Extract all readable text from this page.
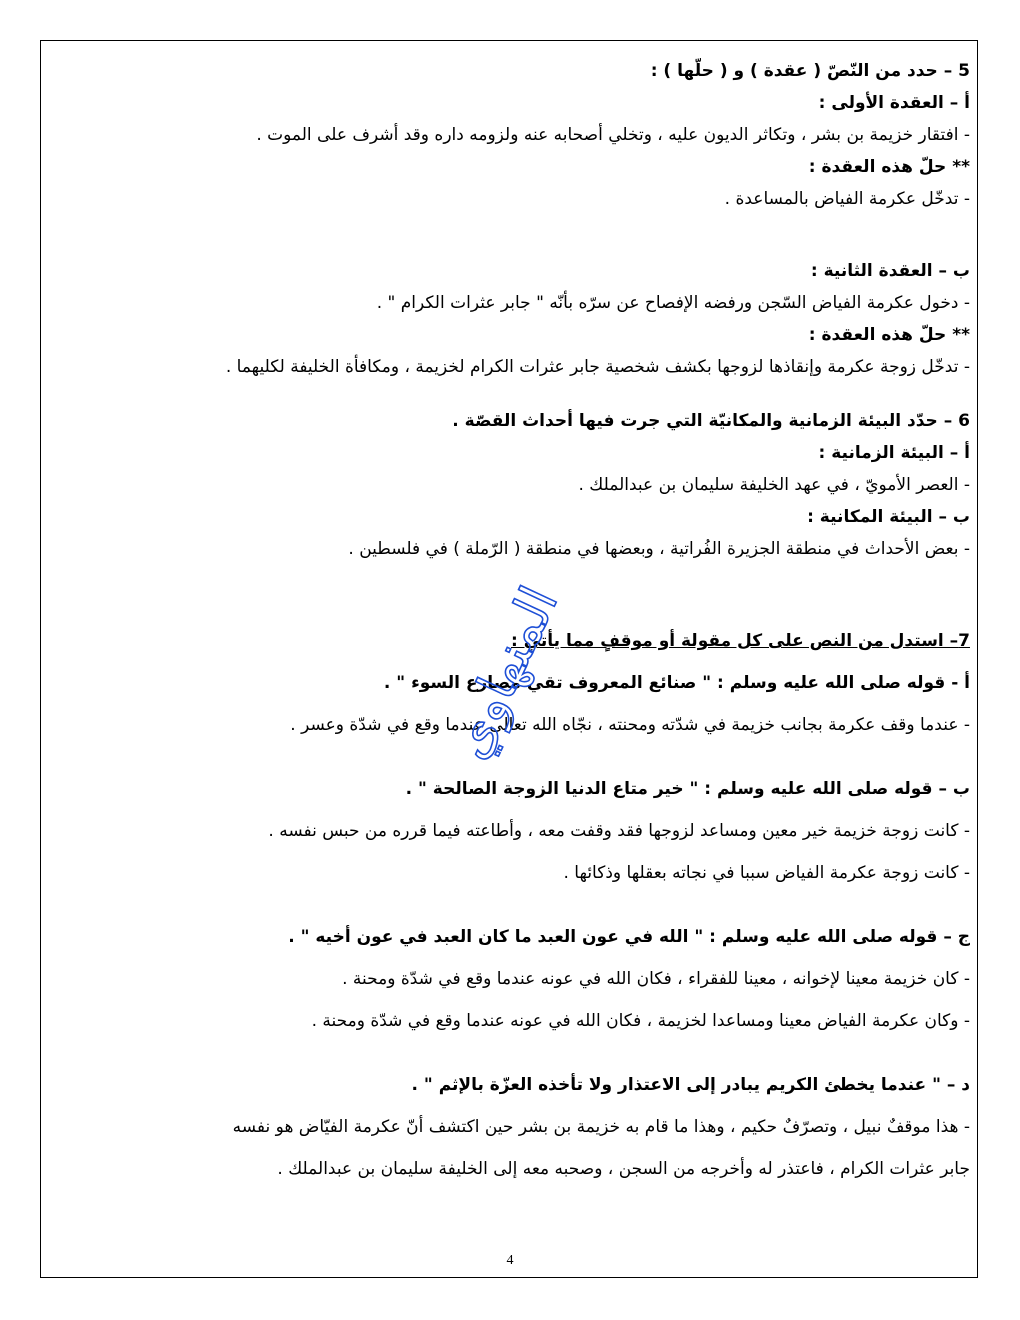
5 – حدد من النّصّ ( عقدة ) و ( حلّها ) :
أ – العقدة الأولى :
- افتقار خزيمة بن بشر ، وتكاثر الديون عليه ، وتخلي أصحابه عنه ولزومه داره وقد أشرف على الموت .
** حلّ هذه العقدة :
- تدخّل عكرمة الفياض بالمساعدة .
ب – العقدة الثانية :
- دخول عكرمة الفياض السّجن ورفضه الإفصاح عن سرّه بأنّه " جابر عثرات الكرام " .
** حلّ هذه العقدة :
- تدخّل زوجة عكرمة وإنقاذها لزوجها بكشف شخصية جابر عثرات الكرام لخزيمة ، ومكافأة الخليفة لكليهما .
6 – حدّد البيئة الزمانية والمكانيّة التي جرت فيها أحداث القصّة .
أ – البيئة الزمانية :
- العصر الأمويّ ، في عهد الخليفة سليمان بن عبدالملك .
ب – البيئة المكانية :
- بعض الأحداث في منطقة الجزيرة الفُراتية ، وبعضها في منطقة ( الرّملة ) في فلسطين .
7– استدل من النص على كل مقولة أو موقفٍ مما يأتي :
أ - قوله صلى الله عليه وسلم : " صنائع المعروف تقي مصارع السوء " .
- عندما وقف عكرمة بجانب خزيمة في شدّته ومحنته ، نجّاه الله تعالى عندما وقع في شدّة وعسر .
ب – قوله صلى الله عليه وسلم : " خير متاع الدنيا الزوجة الصالحة " .
- كانت زوجة خزيمة خير معين ومساعد لزوجها فقد وقفت معه ، وأطاعته فيما قرره من حبس نفسه .
- كانت زوجة عكرمة الفياض سببا في نجاته بعقلها وذكائها .
ج – قوله صلى الله عليه وسلم : " الله في عون العبد ما كان العبد في عون أخيه " .
- كان خزيمة معينا لإخوانه ، معينا للفقراء ، فكان الله في عونه عندما وقع في شدّة ومحنة .
- وكان عكرمة الفياض معينا ومساعدا لخزيمة ، فكان الله في عونه عندما وقع في شدّة ومحنة .
د – " عندما يخطئ الكريم يبادر إلى الاعتذار ولا تأخذه العزّة بالإثم " .
- هذا موقفٌ نبيل ، وتصرّفٌ حكيم ، وهذا ما قام به خزيمة بن بشر حين اكتشف أنّ عكرمة الفيّاض هو نفسه
جابر عثرات الكرام ، فاعتذر له وأخرجه من السجن ، وصحبه معه إلى الخليفة سليمان بن عبدالملك .
المنهاوي
4
